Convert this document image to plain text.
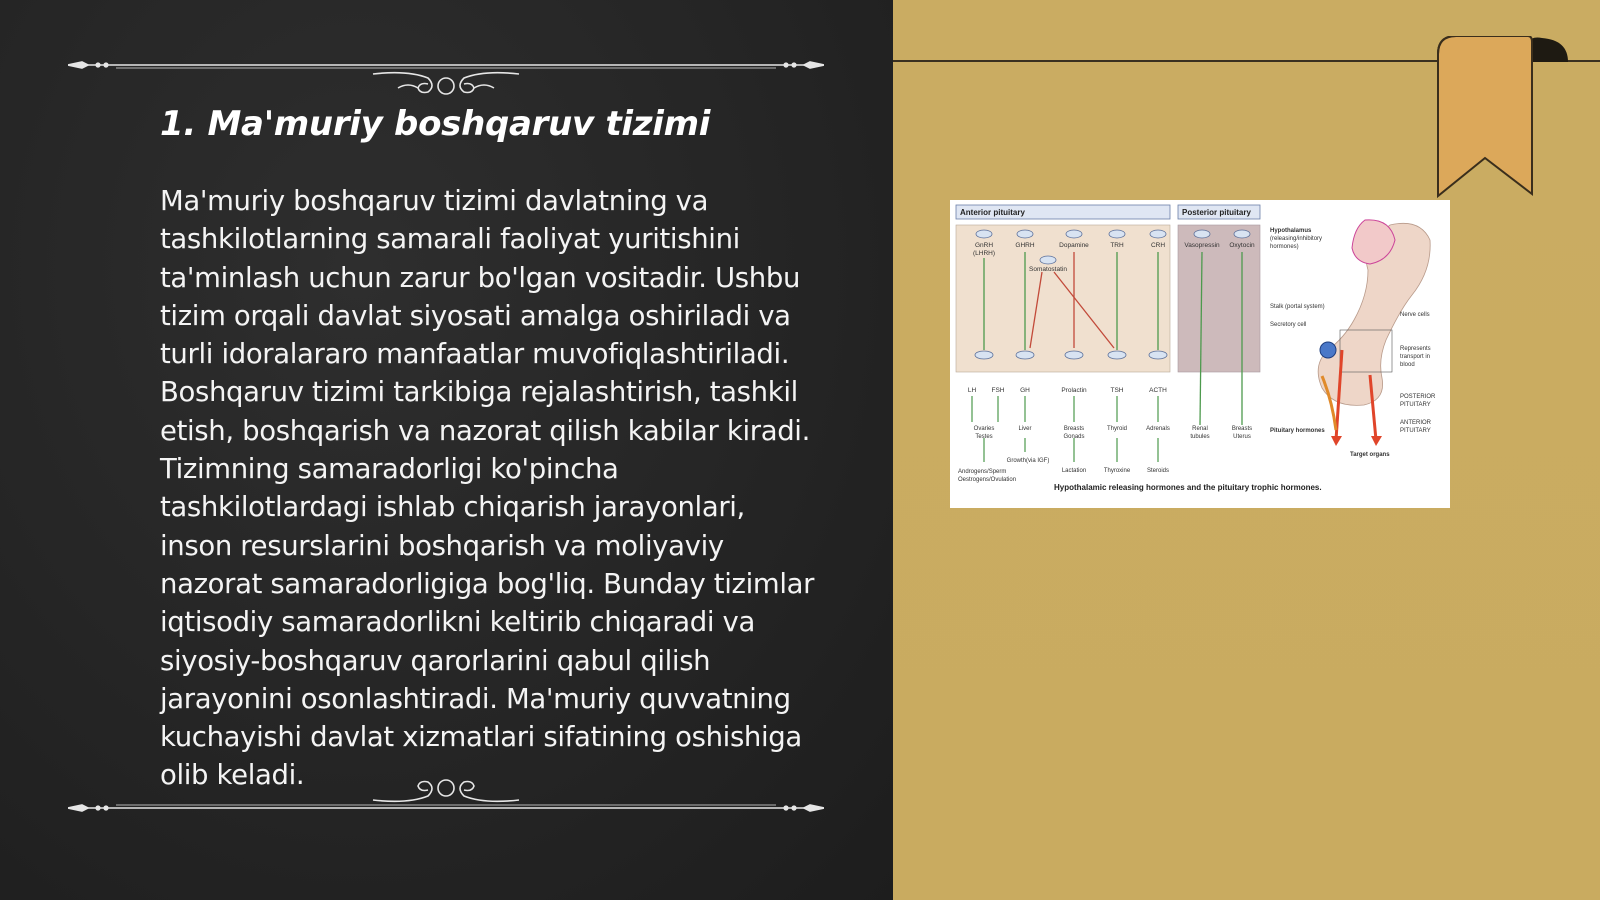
1. Ma'muriy boshqaruv tizimi

Ma'muriy boshqaruv tizimi davlatning va tashkilotlarning samarali faoliyat yuritishini ta'minlash uchun zarur bo'lgan vositadir. Ushbu tizim orqali davlat siyosati amalga oshiriladi va turli idoralararo manfaatlar muvofiqlashtiriladi. Boshqaruv tizimi tarkibiga rejalashtirish, tashkil etish, boshqarish va nazorat qilish kabilar kiradi. Tizimning samaradorligi ko'pincha tashkilotlardagi ishlab chiqarish jarayonlari, inson resurslarini boshqarish va moliyaviy nazorat samaradorligiga bog'liq. Bunday tizimlar iqtisodiy samaradorlikni keltirib chiqaradi va siyosiy-boshqaruv qarorlarini qabul qilish jarayonini osonlashtiradi. Ma'muriy quvvatning kuchayishi davlat xizmatlari sifatining oshishiga olib keladi.

Anterior pituitary	Posterior pituitary
GnRH
(LHRH)
GHRH	Dopamine	TRH	CRH
Somatostatin
Vasopressin Oxytocin
LH FSH GH	Prolactin	TSH	ACTH
Ovaries
Testes
Liver	Breasts
Gonads
Thyroid	Adrenals	Renal
tubules
Breasts
Uterus
Growth(via IGF)
Lactation	Thyroxine	Steroids
Androgens/Sperm
Oestrogens/Ovulation
Hypothalamus
(releasing/inhibitory
hormones)
Stalk (portal system)
Secretory cell
Nerve cells
Represents
transport in
blood
POSTERIOR
PITUITARY
ANTERIOR
PITUITARY
Pituitary hormones
Target organs
Hypothalamic releasing hormones and the pituitary trophic hormones.
